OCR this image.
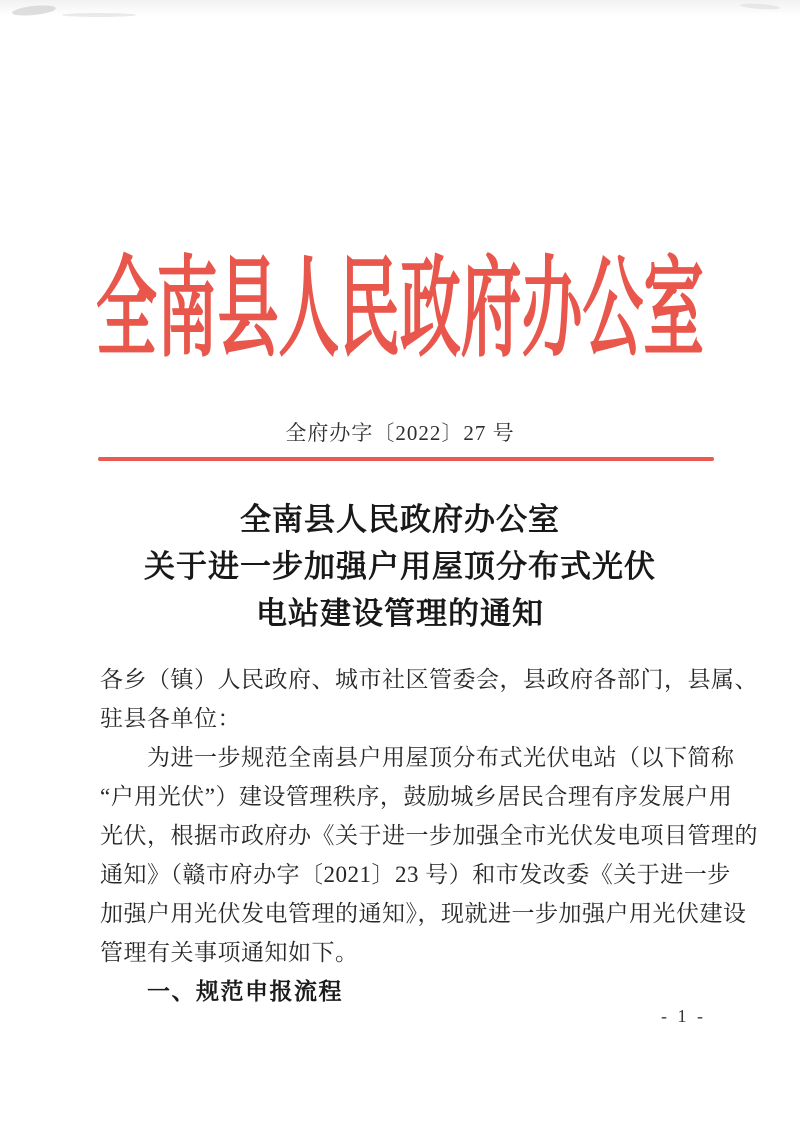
全南县人民政府办公室
全府办字〔2022〕27 号
全南县人民政府办公室
关于进一步加强户用屋顶分布式光伏
电站建设管理的通知
各乡（镇）人民政府、城市社区管委会，县政府各部门，县属、
驻县各单位：
为进一步规范全南县户用屋顶分布式光伏电站（以下简称
“户用光伏”）建设管理秩序，鼓励城乡居民合理有序发展户用
光伏，根据市政府办《关于进一步加强全市光伏发电项目管理的
通知》（赣市府办字〔2021〕23 号）和市发改委《关于进一步
加强户用光伏发电管理的通知》，现就进一步加强户用光伏建设
管理有关事项通知如下。
一、规范申报流程
- 1 -
